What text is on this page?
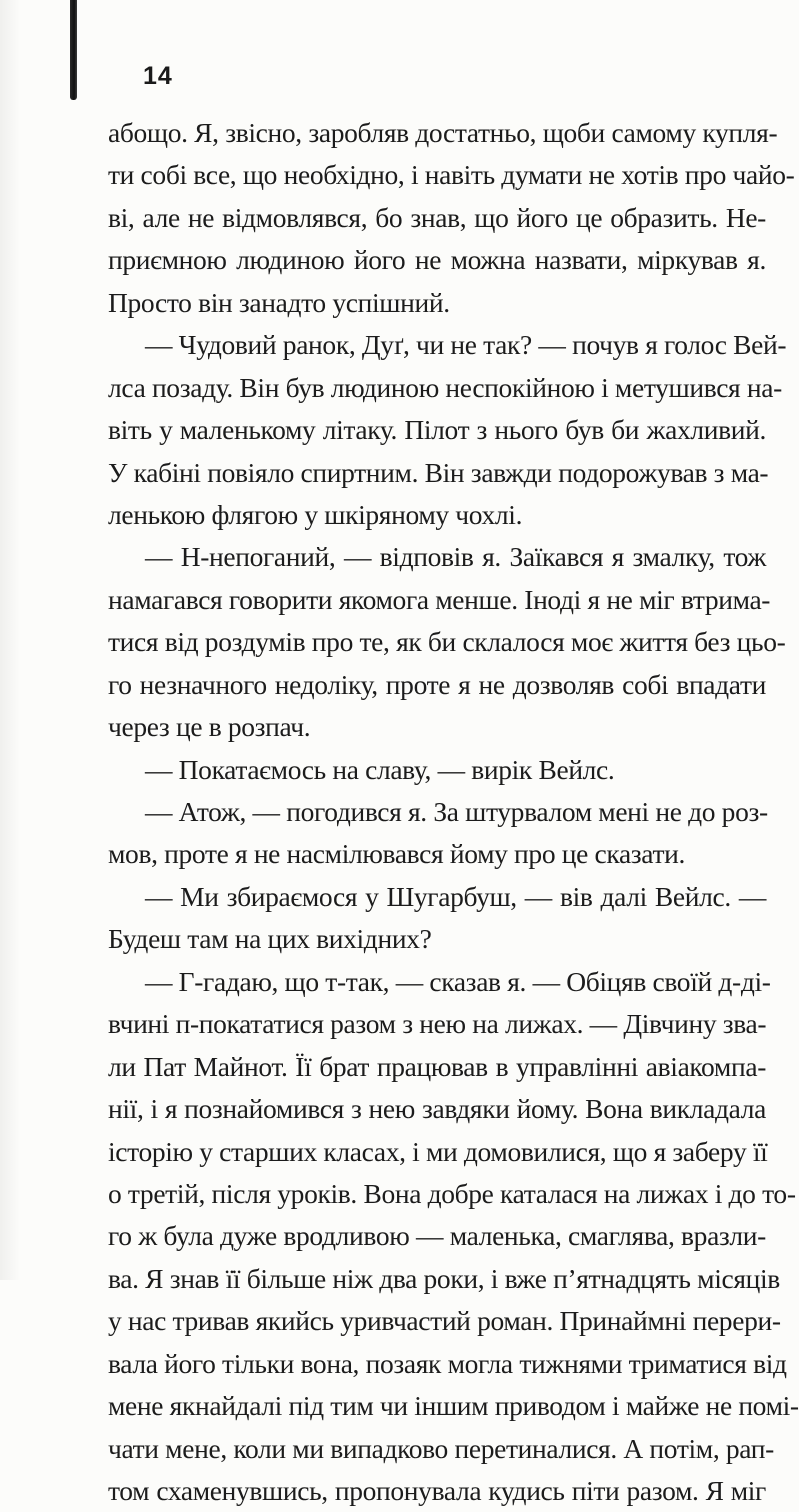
14
абощо. Я, звісно, заробляв достатньо, щоби самому купля-
ти собі все, що необхідно, і навіть думати не хотів про чайо-
ві, але не відмовлявся, бо знав, що його це образить. Не-
приємною людиною його не можна назвати, міркував я.
Просто він занадто успішний.
— Чудовий ранок, Дуґ, чи не так? — почув я голос Вей-
лса позаду. Він був людиною неспокійною і метушився на-
віть у маленькому літаку. Пілот з нього був би жахливий.
У кабіні повіяло спиртним. Він завжди подорожував з ма-
ленькою флягою у шкіряному чохлі.
— Н-непоганий, — відповів я. Заїкався я змалку, тож
намагався говорити якомога менше. Іноді я не міг втрима-
тися від роздумів про те, як би склалося моє життя без цьо-
го незначного недоліку, проте я не дозволяв собі впадати
через це в розпач.
— Покатаємось на славу, — вирік Вейлс.
— Атож, — погодився я. За штурвалом мені не до роз-
мов, проте я не насмілювався йому про це сказати.
— Ми збираємося у Шугарбуш, — вів далі Вейлс. —
Будеш там на цих вихідних?
— Г-гадаю, що т-так, — сказав я. — Обіцяв своїй д-ді-
вчині п-покататися разом з нею на лижах. — Дівчину зва-
ли Пат Майнот. Її брат працював в управлінні авіакомпа-
нії, і я познайомився з нею завдяки йому. Вона викладала
історію у старших класах, і ми домовилися, що я заберу її
о третій, після уроків. Вона добре каталася на лижах і до то-
го ж була дуже вродливою — маленька, смаглява, вразли-
ва. Я знав її більше ніж два роки, і вже п’ятнадцять місяців
у нас тривав якийсь уривчастий роман. Принаймні перери-
вала його тільки вона, позаяк могла тижнями триматися від
мене якнайдалі під тим чи іншим приводом і майже не помі-
чати мене, коли ми випадково перетиналися. А потім, рап-
том схаменувшись, пропонувала кудись піти разом. Я міг
